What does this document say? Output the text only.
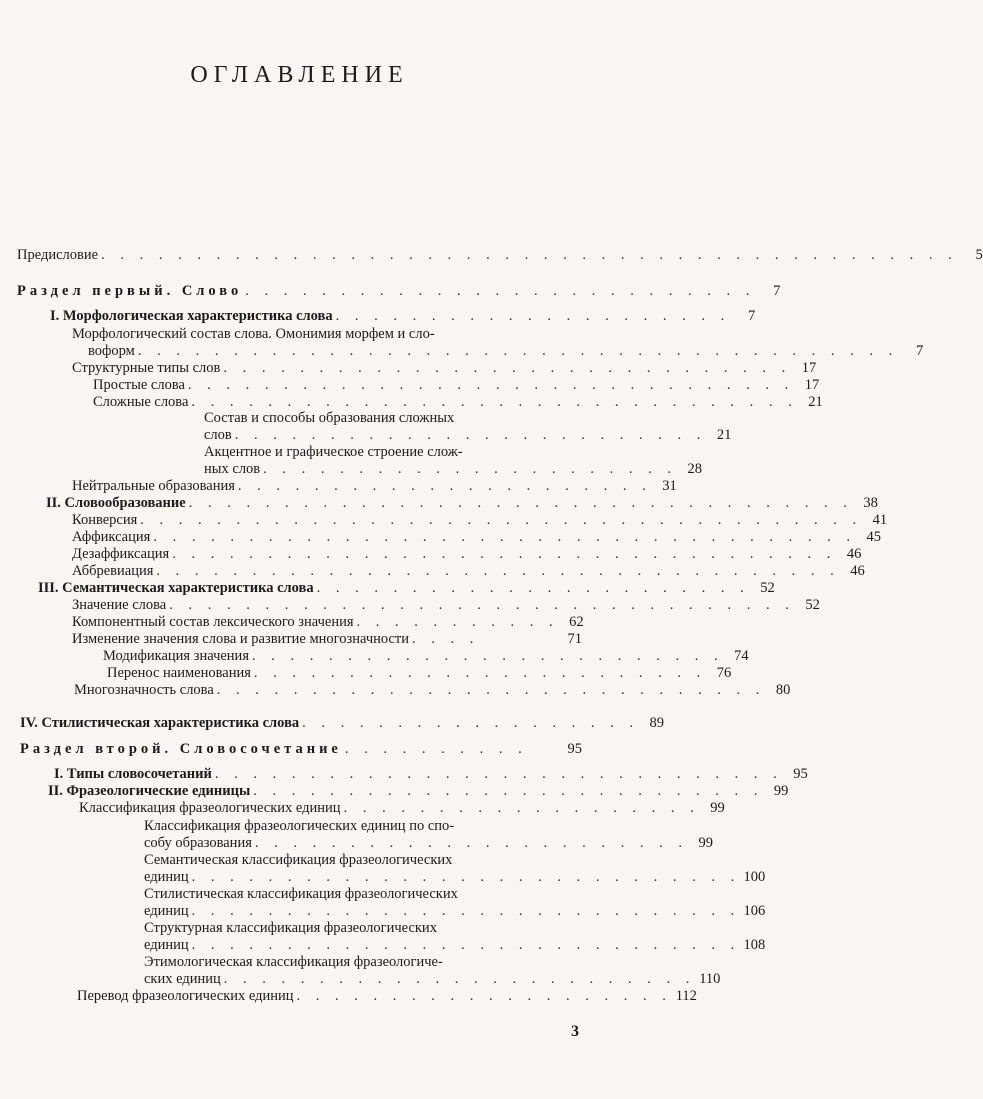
ОГЛАВЛЕНИЕ
Предисловие . . . . . . . . . . . . . . . . . . . . . . . . . . . . . . . . . . . . . . . . . . . . .	5
Раздел первый. Слово . . . . . . . . . . . . . . . . . . . . . . . . . . .	7
I. Морфологическая характеристика слова . . . . . . . . . . . . . . . . . . . . .	7
Морфологический состав слова. Омонимия морфем и сло-
воформ . . . . . . . . . . . . . . . . . . . . . . . . . . . . . . . . . . . . . . . .	7
Структурные типы слов . . . . . . . . . . . . . . . . . . . . . . . . . . . . . . 17
Простые слова . . . . . . . . . . . . . . . . . . . . . . . . . . . . . . . . 17
Сложные слова . . . . . . . . . . . . . . . . . . . . . . . . . . . . . . . . 21
Состав и способы образования сложных
слов . . . . . . . . . . . . . . . . . . . . . . . . . 21
Акцентное и графическое строение слож-
ных слов . . . . . . . . . . . . . . . . . . . . . . 28
Нейтральные образования . . . . . . . . . . . . . . . . . . . . . . 31
II. Словообразование . . . . . . . . . . . . . . . . . . . . . . . . . . . . . . . . . . . 38
Конверсия . . . . . . . . . . . . . . . . . . . . . . . . . . . . . . . . . . . . . . 41
Аффиксация . . . . . . . . . . . . . . . . . . . . . . . . . . . . . . . . . . . . . 45
Дезаффиксация . . . . . . . . . . . . . . . . . . . . . . . . . . . . . . . . . . . 46
Аббревиация . . . . . . . . . . . . . . . . . . . . . . . . . . . . . . . . . . . . 46
III. Семантическая характеристика слова . . . . . . . . . . . . . . . . . . . . . . . 52
Значение слова . . . . . . . . . . . . . . . . . . . . . . . . . . . . . . . . . 52
Компонентный состав лексического значения . . . . . . . . . . . 62
Изменение значения слова и развитие многозначности . . . .	71
Модификация значения . . . . . . . . . . . . . . . . . . . . . . . . . 74
Перенос наименования . . . . . . . . . . . . . . . . . . . . . . . . 76
Многозначность слова . . . . . . . . . . . . . . . . . . . . . . . . . . . . . 80
IV. Стилистическая характеристика слова . . . . . . . . . . . . . . . . . . 89
Раздел второй. Словосочетание . . . . . . . . . .	95
I. Типы словосочетаний . . . . . . . . . . . . . . . . . . . . . . . . . . . . . . 95
II. Фразеологические единицы . . . . . . . . . . . . . . . . . . . . . . . . . . . 99
Классификация фразеологических единиц . . . . . . . . . . . . . . . . . . . 99
Классификация фразеологических единиц по спо-
собу образования . . . . . . . . . . . . . . . . . . . . . . . 99
Семантическая классификация фразеологических
единиц . . . . . . . . . . . . . . . . . . . . . . . . . . . . . 100
Стилистическая классификация фразеологических
единиц . . . . . . . . . . . . . . . . . . . . . . . . . . . . . 106
Структурная классификация фразеологических
единиц . . . . . . . . . . . . . . . . . . . . . . . . . . . . . 108
Этимологическая классификация фразеологиче-
ских единиц . . . . . . . . . . . . . . . . . . . . . . . . . 110
Перевод фразеологических единиц . . . . . . . . . . . . . . . . . . . . 112
3
